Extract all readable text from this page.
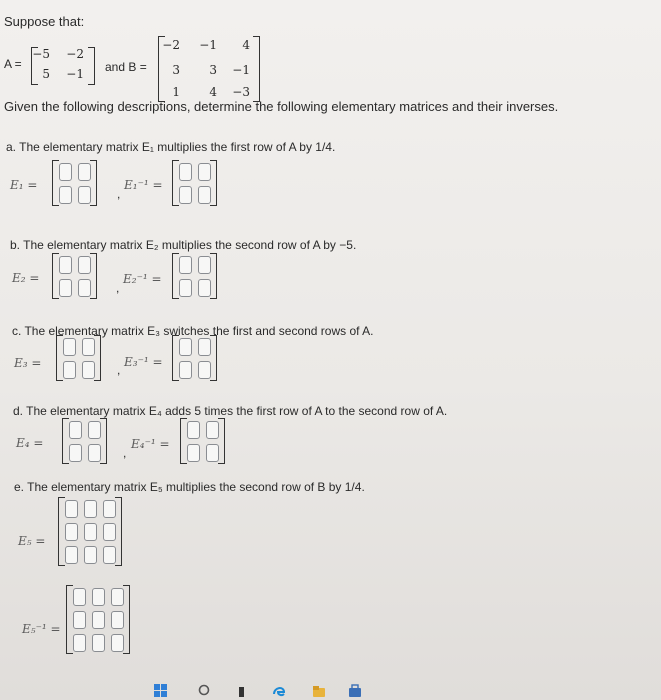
Suppose that:
A =
−5	−2
5	−1 and B =
−2	−1	4
3	3	−1
1	4	−3
Given the following descriptions, determine the following elementary matrices and their inverses.
a. The elementary matrix E₁ multiplies the first row of A by 1/4.
E₁ =
,
E₁⁻¹ =
b. The elementary matrix E₂ multiplies the second row of A by −5.
E₂ =
,
E₂⁻¹ =
c. The elementary matrix E₃ switches the first and second rows of A.
E₃ =	,
E₃⁻¹ =
d. The elementary matrix E₄ adds 5 times the first row of A to the second row of A.
E₄ =
,
E₄⁻¹ =
e. The elementary matrix E₅ multiplies the second row of B by 1/4.
E₅ =
E₅⁻¹ =
